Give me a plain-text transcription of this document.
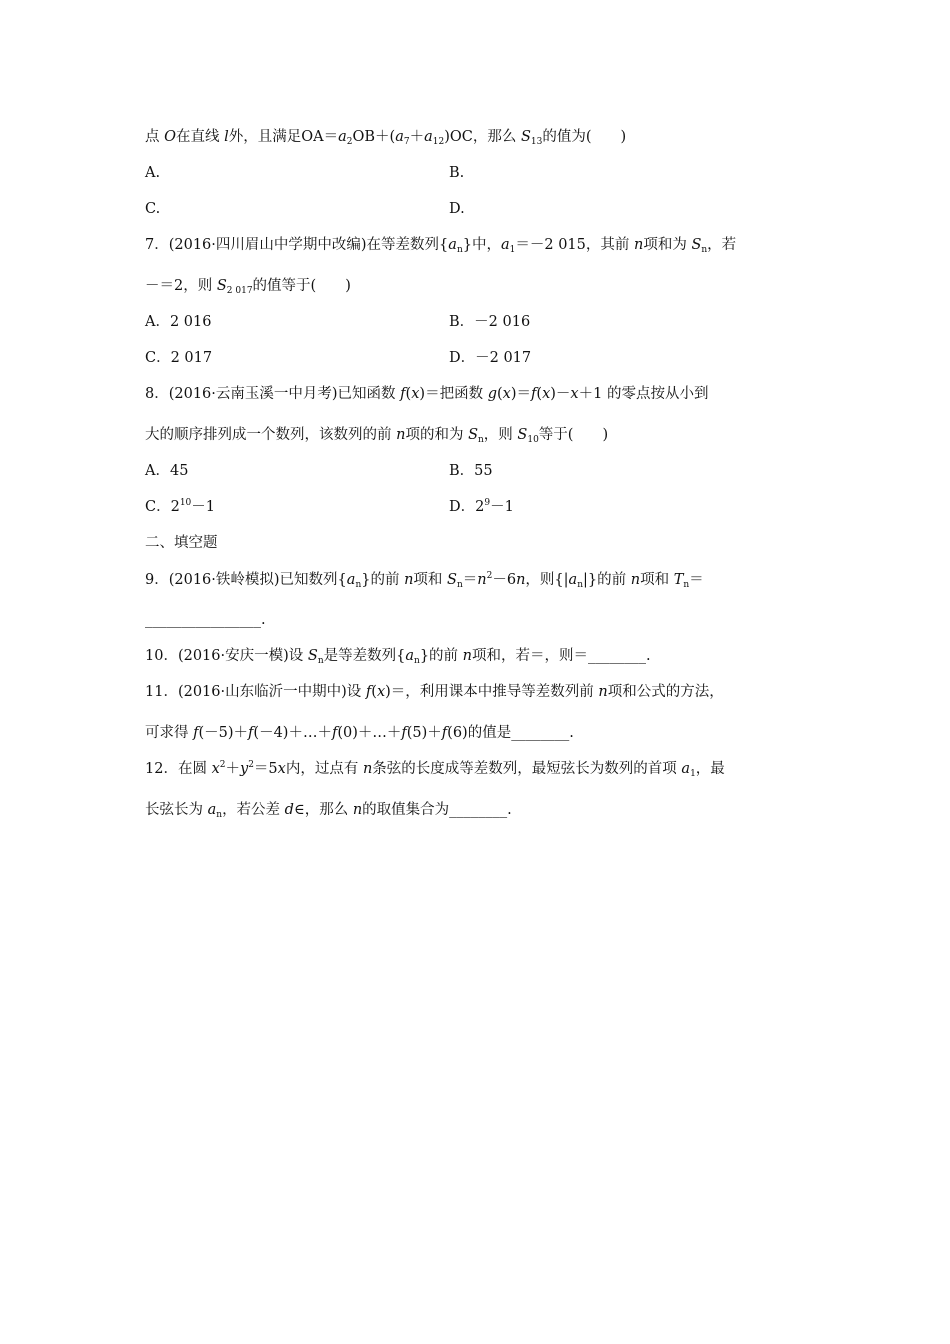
点 O在直线 l外，且满足$OA=a_2OB+(a_7+a_{12})OC$，那么 $S_{13}$的值为(　　)
A.	B.
C.	D.
7．(2016·四川眉山中学期中改编)在等差数列$\{a_n\}$中，$a_1=-2$ 015，其前 n项和为 $S_n$，若
－＝2，则 $S_{2 017}$的值等于(　　)
A．2 016	B．－2 016
C．2 017	D．－2 017
8．(2016·云南玉溪一中月考)已知函数 f(x)＝把函数 g(x)＝f(x)－x＋1 的零点按从小到
大的顺序排列成一个数列，该数列的前 n项的和为 $S_n$，则 $S_{10}$等于(　　)
A．45	B．55
C．$2^{10}-1$	D．$2^9-1$
二、填空题
9．(2016·铁岭模拟)已知数列$\{a_n\}$的前 n项和 $S_n=n^2-6n$，则$\{|a_n|\}$的前 n项和 $T_n=$
________________.
10．(2016·安庆一模)设 $S_n$是等差数列$\{a_n\}$的前 n项和，若＝，则＝________.
11．(2016·山东临沂一中期中)设 f(x)＝，利用课本中推导等差数列前 n项和公式的方法，
可求得 f(－5)＋f(－4)＋…＋f(0)＋…＋f(5)＋f(6)的值是________.
12．在圆 $x^2+y^2=5x$内，过点有 n条弦的长度成等差数列，最短弦长为数列的首项 $a_1$，最
长弦长为 $a_n$，若公差 d∈，那么 n的取值集合为________.
